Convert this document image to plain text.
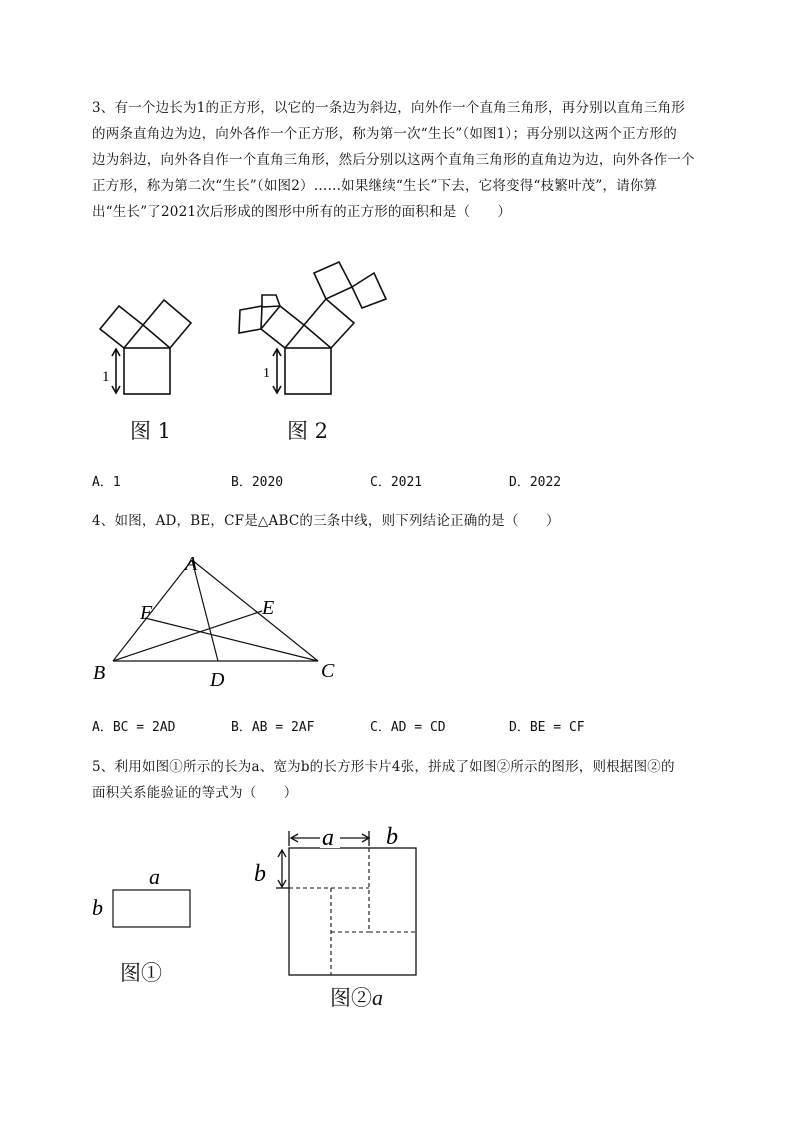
3、有一个边长为1的正方形，以它的一条边为斜边，向外作一个直角三角形，再分别以直角三角形
的两条直角边为边，向外各作一个正方形，称为第一次“生长”（如图1）；再分别以这两个正方形的
边为斜边，向外各自作一个直角三角形，然后分别以这两个直角三角形的直角边为边，向外各作一个
正方形，称为第二次“生长”（如图2）……如果继续“生长”下去，它将变得“枝繁叶茂”，请你算
出“生长”了2021次后形成的图形中所有的正方形的面积和是（　　）
1	1
图 1	图 2
A．1	B．2020	C．2021	D．2022
4、如图，AD，BE，CF是△ABC的三条中线，则下列结论正确的是（　　）
A
B	C
D
E
F
A．BC = 2AD	B．AB = 2AF	C．AD = CD	D．BE = CF
5、利用如图①所示的长为a、宽为b的长方形卡片4张，拼成了如图②所示的图形，则根据图②的
面积关系能验证的等式为（　　）
a
b
图①
a b
b
图②a
